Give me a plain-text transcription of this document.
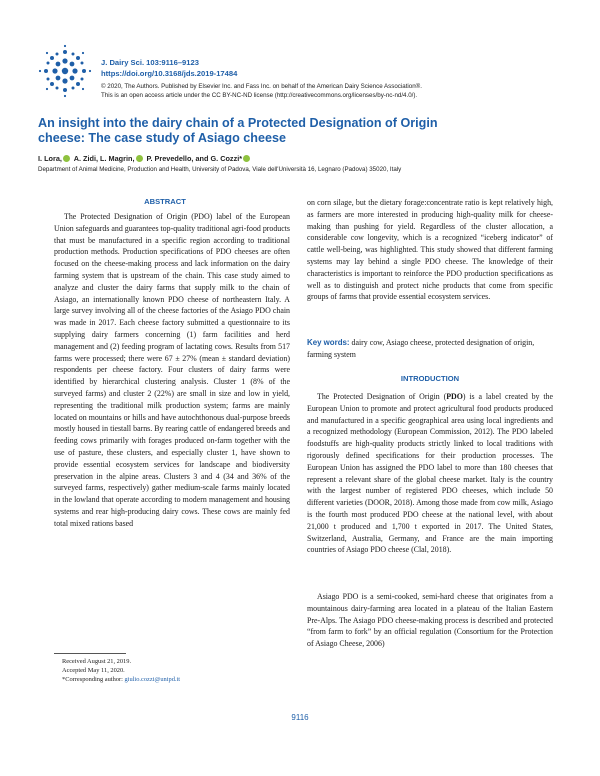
J. Dairy Sci. 103:9116–9123
https://doi.org/10.3168/jds.2019-17484
© 2020, The Authors. Published by Elsevier Inc. and Fass Inc. on behalf of the American Dairy Science Association®.
This is an open access article under the CC BY-NC-ND license (http://creativecommons.org/licenses/by-nc-nd/4.0/).
An insight into the dairy chain of a Protected Designation of Origin cheese: The case study of Asiago cheese
I. Lora, A. Zidi, L. Magrin, P. Prevedello, and G. Cozzi*
Department of Animal Medicine, Production and Health, University of Padova, Viale dell'Università 16, Legnaro (Padova) 35020, Italy
ABSTRACT
The Protected Designation of Origin (PDO) label of the European Union safeguards and guarantees top-quality traditional agri-food products that must be manufactured in a specific region according to traditional production methods. Production specifications of PDO cheeses are often focused on the cheese-making process and lack information on the dairy farming system that is upstream of the chain. This case study aimed to analyze and cluster the dairy farms that supply milk to the chain of Asiago, an internationally known PDO cheese of northeastern Italy. A large survey involving all of the cheese factories of the Asiago PDO chain was made in 2017. Each cheese factory submitted a questionnaire to its supplying dairy farmers concerning (1) farm facilities and herd management and (2) feeding program of lactating cows. Results from 517 farms were processed; there were 67 ± 27% (mean ± standard deviation) respondents per cheese factory. Four clusters of dairy farms were identified by hierarchical clustering analysis. Cluster 1 (8% of the surveyed farms) and cluster 2 (22%) are small in size and low in yield, representing the traditional milk production system; farms are mainly located on mountains or hills and have autochthonous dual-purpose breeds mostly housed in tiestall barns. By rearing cattle of endangered breeds and feeding cows primarily with forages produced on-farm together with the use of pasture, these clusters, and especially cluster 1, have shown to provide essential ecosystem services for landscape and biodiversity preservation in the alpine areas. Clusters 3 and 4 (34 and 36% of the surveyed farms, respectively) gather medium-scale farms mainly located in the lowland that operate according to modern management and housing systems and rear high-producing dairy cows. These cows are mainly fed total mixed rations based
on corn silage, but the dietary forage:concentrate ratio is kept relatively high, as farmers are more interested in producing high-quality milk for cheese-making than pushing for yield. Regardless of the cluster allocation, a considerable cow longevity, which is a recognized “iceberg indicator” of cattle well-being, was highlighted. This study showed that different farming systems may lay behind a single PDO cheese. The knowledge of their characteristics is important to reinforce the PDO production specifications as well as to distinguish and protect niche products that come from specific groups of farms that provide essential ecosystem services.
Key words: dairy cow, Asiago cheese, protected designation of origin, farming system
INTRODUCTION
The Protected Designation of Origin (PDO) is a label created by the European Union to promote and protect agricultural food products produced and manufactured in a specific geographical area using local ingredients and a recognized methodology (European Commission, 2012). The PDO labeled foodstuffs are high-quality products strictly linked to local traditions with rigorously defined specifications for their production processes. The European Union has assigned the PDO label to more than 180 cheeses that represent a relevant share of the global cheese market. Italy is the country with the largest number of registered PDO cheeses, which include 50 different varieties (DOOR, 2018). Among those made from cow milk, Asiago is the fourth most produced PDO cheese at the national level, with about 21,000 t produced and 1,700 t exported in 2017. The United States, Switzerland, Australia, Germany, and France are the main importing countries of Asiago PDO cheese (Clal, 2018).
Asiago PDO is a semi-cooked, semi-hard cheese that originates from a mountainous dairy-farming area located in a plateau of the Italian Eastern Pre-Alps. The Asiago PDO cheese-making process is described and protected “from farm to fork” by an official regulation (Consortium for the Protection of Asiago Cheese, 2006)
Received August 21, 2019.
Accepted May 11, 2020.
*Corresponding author: giulio.cozzi@unipd.it
9116
